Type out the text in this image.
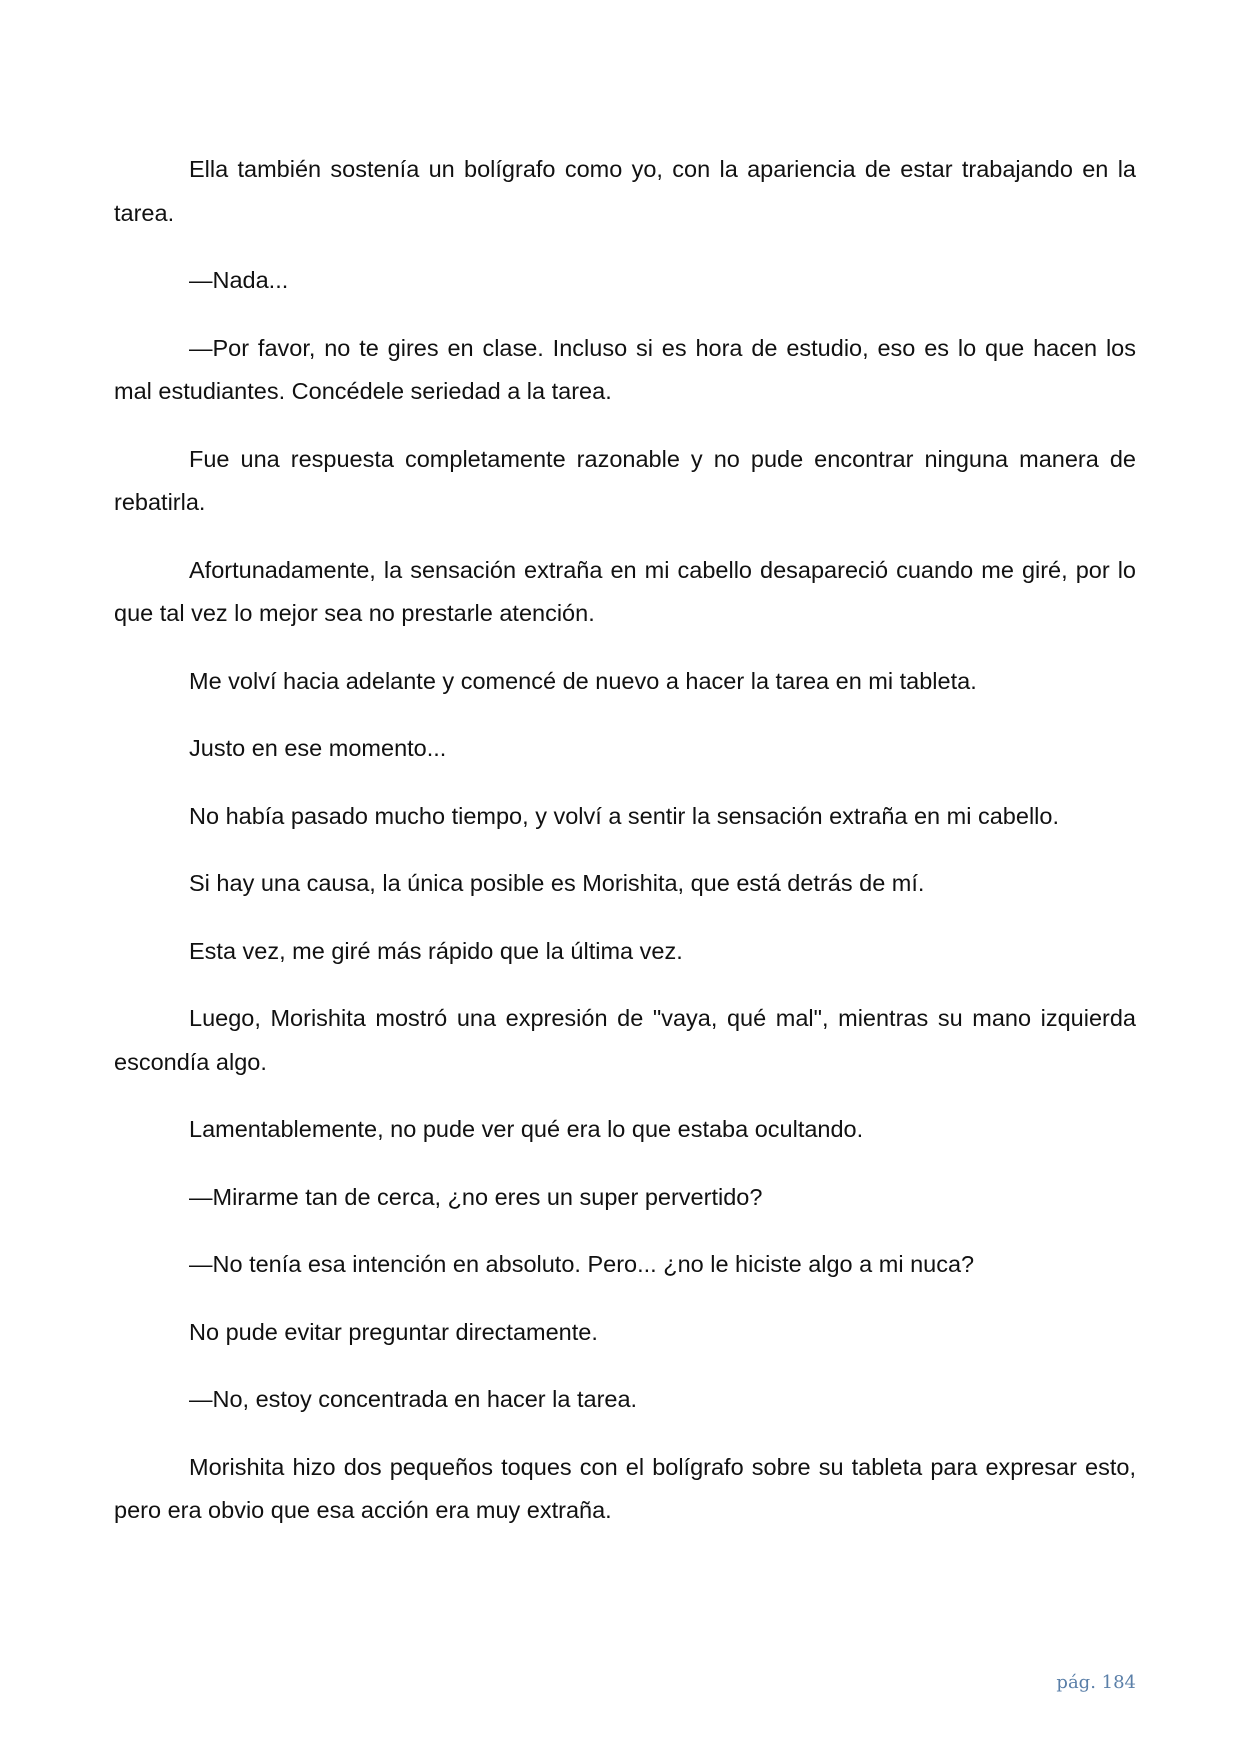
Ella también sostenía un bolígrafo como yo, con la apariencia de estar trabajando en la tarea.

—Nada...

—Por favor, no te gires en clase. Incluso si es hora de estudio, eso es lo que hacen los mal estudiantes. Concédele seriedad a la tarea.

Fue una respuesta completamente razonable y no pude encontrar ninguna manera de rebatirla.

Afortunadamente, la sensación extraña en mi cabello desapareció cuando me giré, por lo que tal vez lo mejor sea no prestarle atención.

Me volví hacia adelante y comencé de nuevo a hacer la tarea en mi tableta.

Justo en ese momento...

No había pasado mucho tiempo, y volví a sentir la sensación extraña en mi cabello.

Si hay una causa, la única posible es Morishita, que está detrás de mí.

Esta vez, me giré más rápido que la última vez.

Luego, Morishita mostró una expresión de "vaya, qué mal", mientras su mano izquierda escondía algo.

Lamentablemente, no pude ver qué era lo que estaba ocultando.

—Mirarme tan de cerca, ¿no eres un super pervertido?

—No tenía esa intención en absoluto. Pero... ¿no le hiciste algo a mi nuca?

No pude evitar preguntar directamente.

—No, estoy concentrada en hacer la tarea.

Morishita hizo dos pequeños toques con el bolígrafo sobre su tableta para expresar esto, pero era obvio que esa acción era muy extraña.

pág. 184
